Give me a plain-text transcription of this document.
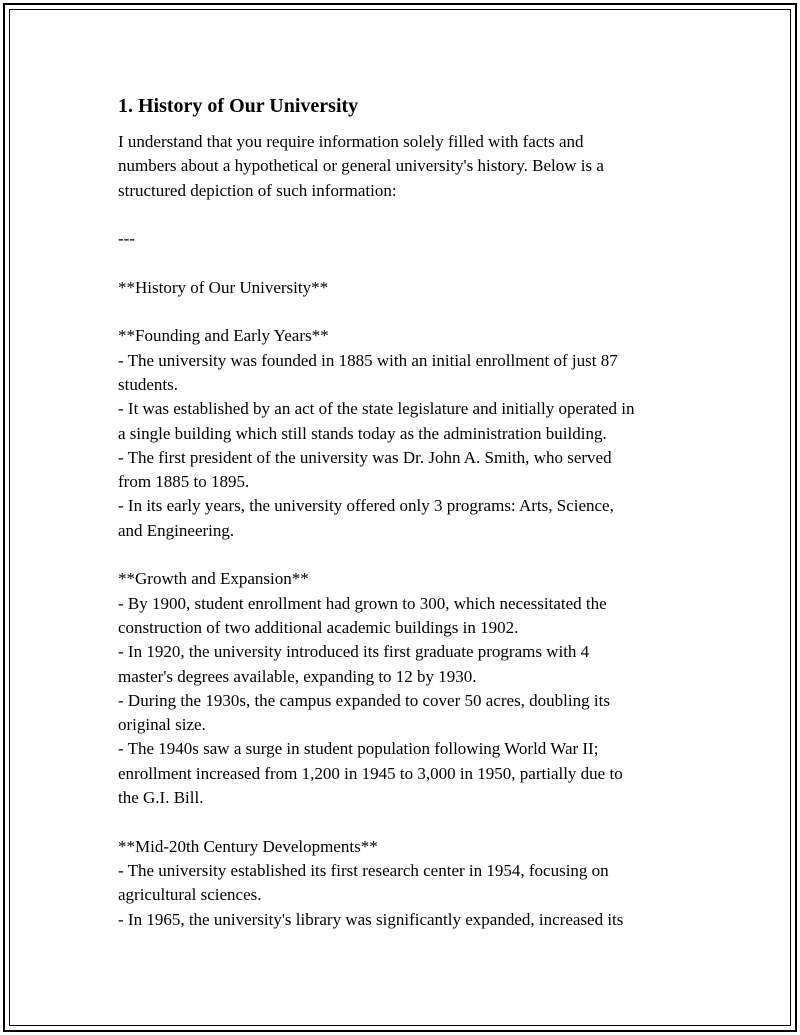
1. History of Our University
I understand that you require information solely filled with facts and
numbers about a hypothetical or general university's history. Below is a
structured depiction of such information:
---
**History of Our University**
**Founding and Early Years**
- The university was founded in 1885 with an initial enrollment of just 87
students.
- It was established by an act of the state legislature and initially operated in
a single building which still stands today as the administration building.
- The first president of the university was Dr. John A. Smith, who served
from 1885 to 1895.
- In its early years, the university offered only 3 programs: Arts, Science,
and Engineering.
**Growth and Expansion**
- By 1900, student enrollment had grown to 300, which necessitated the
construction of two additional academic buildings in 1902.
- In 1920, the university introduced its first graduate programs with 4
master's degrees available, expanding to 12 by 1930.
- During the 1930s, the campus expanded to cover 50 acres, doubling its
original size.
- The 1940s saw a surge in student population following World War II;
enrollment increased from 1,200 in 1945 to 3,000 in 1950, partially due to
the G.I. Bill.
**Mid-20th Century Developments**
- The university established its first research center in 1954, focusing on
agricultural sciences.
- In 1965, the university's library was significantly expanded, increased its
